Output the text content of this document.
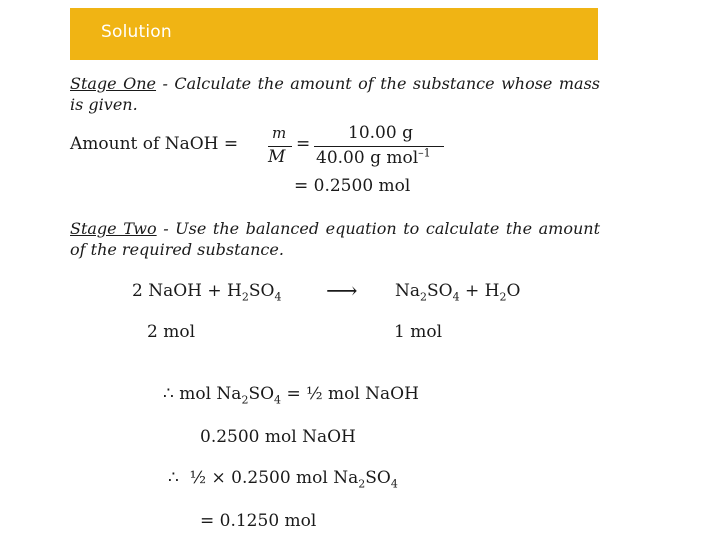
Solution
Stage One - Calculate the amount of the substance whose mass is given.
Amount of NaOH =
m
M
=
10.00 g
40.00 g mol$^{-1}$
= 0.2500 mol
Stage Two - Use the balanced equation to calculate the amount of the required substance.
2 NaOH + $H_2SO_4$ ⟶ $Na_2SO_4 + H_2O$
2 mol	1 mol
∴ mol $Na_2SO_4$ = ½ mol NaOH
0.2500 mol NaOH
∴ ½ × 0.2500 mol $Na_2SO_4$
= 0.1250 mol
